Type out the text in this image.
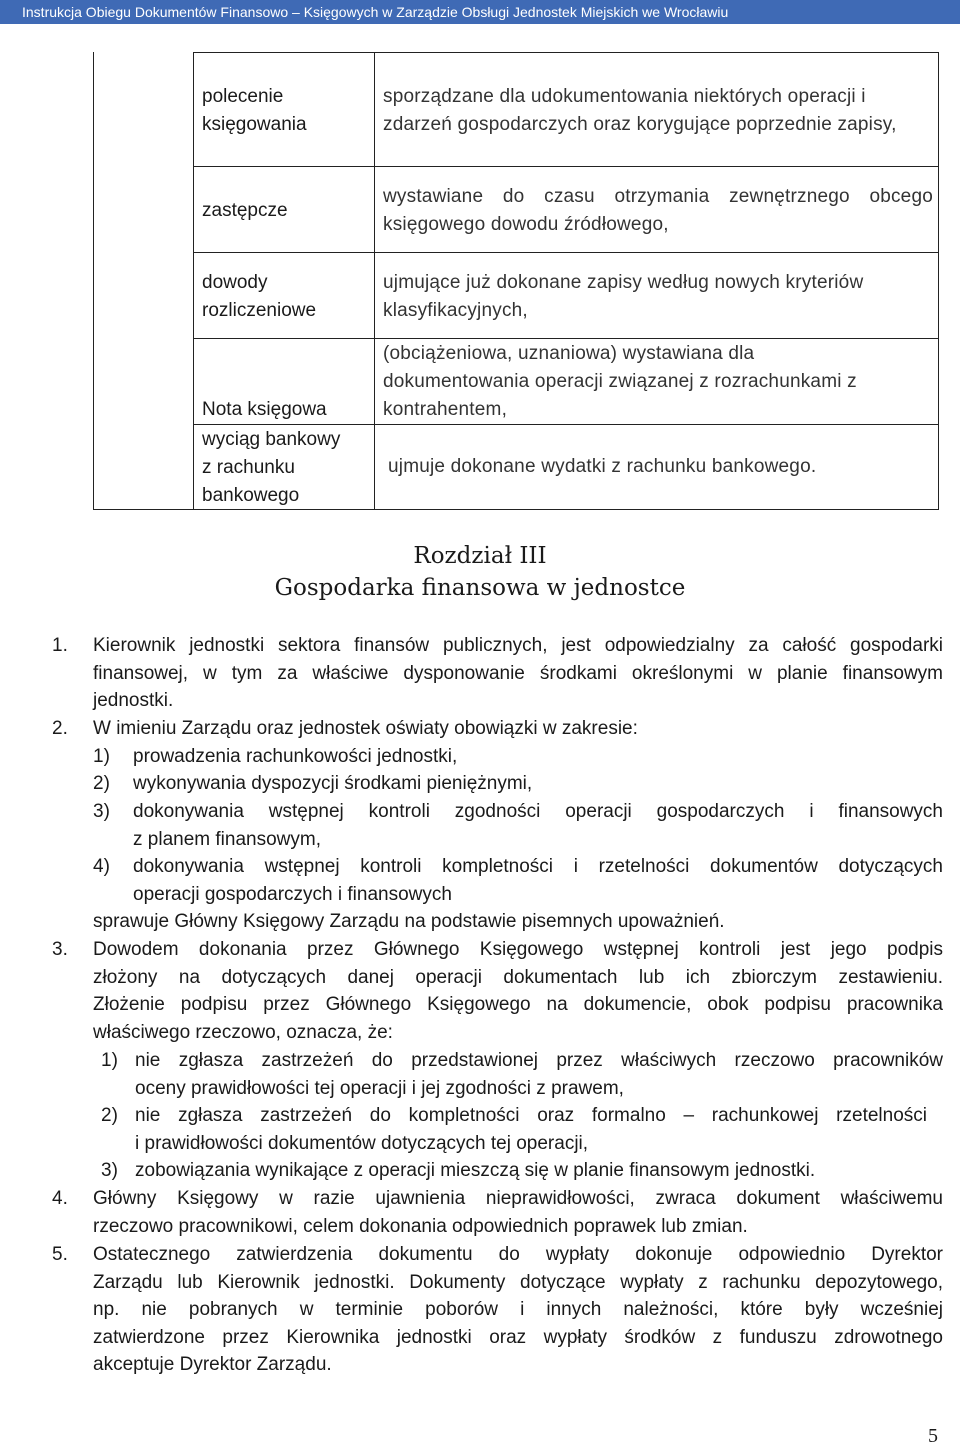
Instrukcja Obiegu Dokumentów Finansowo – Księgowych w Zarządzie Obsługi Jednostek Miejskich we Wrocławiu
polecenie
księgowania
sporządzane dla udokumentowania niektórych operacji i
zdarzeń gospodarczych oraz korygujące poprzednie zapisy,
zastępcze
wystawiane do czasu otrzymania zewnętrznego obcego
księgowego dowodu źródłowego,
dowody
rozliczeniowe
ujmujące już dokonane zapisy według nowych kryteriów
klasyfikacyjnych,
Nota księgowa
(obciążeniowa, uznaniowa) wystawiana dla
dokumentowania operacji związanej z rozrachunkami z
kontrahentem,
wyciąg bankowy
z rachunku
bankowego
ujmuje dokonane wydatki z rachunku bankowego.
Rozdział III
Gospodarka finansowa w jednostce
1. Kierownik jednostki sektora finansów publicznych, jest odpowiedzialny za całość gospodarki
finansowej, w tym za właściwe dysponowanie środkami określonymi w planie finansowym
jednostki.
2. W imieniu Zarządu oraz jednostek oświaty obowiązki w zakresie:
1) prowadzenia rachunkowości jednostki,
2) wykonywania dyspozycji środkami pieniężnymi,
3) dokonywania wstępnej kontroli zgodności operacji gospodarczych i finansowych
z planem finansowym,
4) dokonywania wstępnej kontroli kompletności i rzetelności dokumentów dotyczących
operacji gospodarczych i finansowych
sprawuje Główny Księgowy Zarządu na podstawie pisemnych upoważnień.
3. Dowodem dokonania przez Głównego Księgowego wstępnej kontroli jest jego podpis
złożony na dotyczących danej operacji dokumentach lub ich zbiorczym zestawieniu.
Złożenie podpisu przez Głównego Księgowego na dokumencie, obok podpisu pracownika
właściwego rzeczowo, oznacza, że:
1) nie zgłasza zastrzeżeń do przedstawionej przez właściwych rzeczowo pracowników
oceny prawidłowości tej operacji i jej zgodności z prawem,
2) nie zgłasza zastrzeżeń do kompletności oraz formalno – rachunkowej rzetelności
i prawidłowości dokumentów dotyczących tej operacji,
3) zobowiązania wynikające z operacji mieszczą się w planie finansowym jednostki.
4. Główny Księgowy w razie ujawnienia nieprawidłowości, zwraca dokument właściwemu
rzeczowo pracownikowi, celem dokonania odpowiednich poprawek lub zmian.
5. Ostatecznego zatwierdzenia dokumentu do wypłaty dokonuje odpowiednio Dyrektor
Zarządu lub Kierownik jednostki. Dokumenty dotyczące wypłaty z rachunku depozytowego,
np. nie pobranych w terminie poborów i innych należności, które były wcześniej
zatwierdzone przez Kierownika jednostki oraz wypłaty środków z funduszu zdrowotnego
akceptuje Dyrektor Zarządu.
5
